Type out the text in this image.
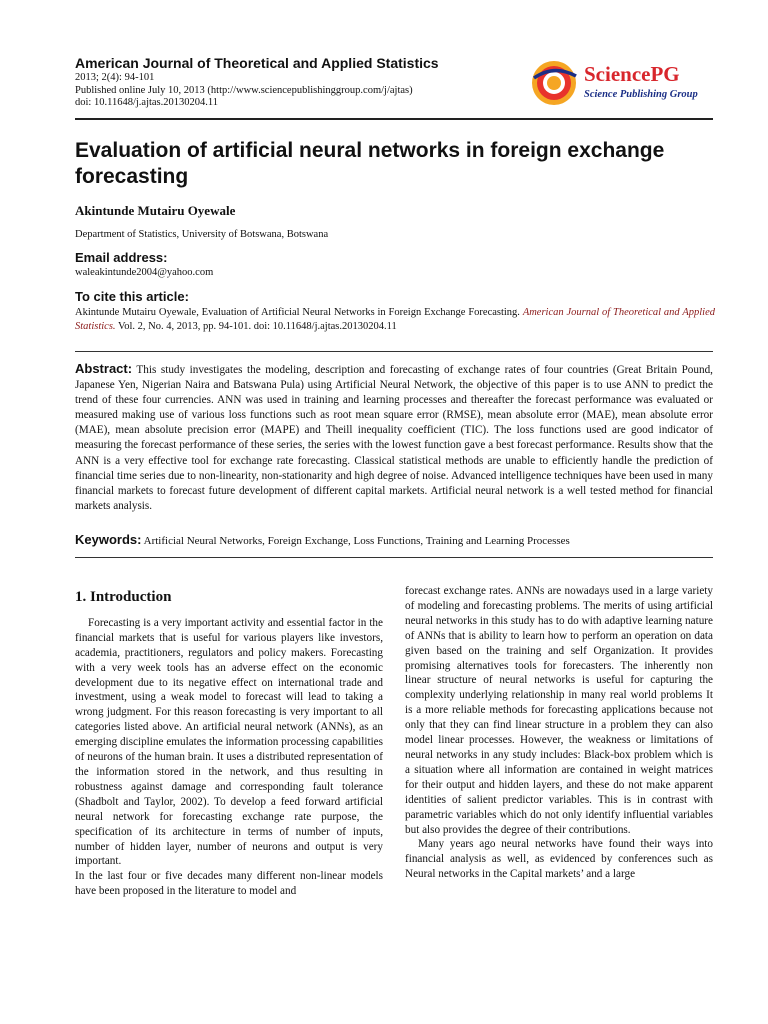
American Journal of Theoretical and Applied Statistics
2013; 2(4): 94-101
Published online July 10, 2013 (http://www.sciencepublishinggroup.com/j/ajtas)
doi: 10.11648/j.ajtas.20130204.11
SciencePG
Science Publishing Group
Evaluation of artificial neural networks in foreign exchange forecasting
Akintunde Mutairu Oyewale
Department of Statistics, University of Botswana, Botswana
Email address:
waleakintunde2004@yahoo.com
To cite this article:
Akintunde Mutairu Oyewale, Evaluation of Artificial Neural Networks in Foreign Exchange Forecasting. American Journal of Theoretical and Applied Statistics. Vol. 2, No. 4, 2013, pp. 94-101. doi: 10.11648/j.ajtas.20130204.11
Abstract: This study investigates the modeling, description and forecasting of exchange rates of four countries (Great Britain Pound, Japanese Yen, Nigerian Naira and Batswana Pula) using Artificial Neural Network, the objective of this paper is to use ANN to predict the trend of these four currencies. ANN was used in training and learning processes and thereafter the forecast performance was evaluated or measured making use of various loss functions such as root mean square error (RMSE), mean absolute error (MAE), mean absolute error (MAE), mean absolute precision error (MAPE) and Theill inequality coefficient (TIC). The loss functions used are good indicator of measuring the forecast performance of these series, the series with the lowest function gave a best forecast performance. Results show that the ANN is a very effective tool for exchange rate forecasting. Classical statistical methods are unable to efficiently handle the prediction of financial time series due to non-linearity, non-stationarity and high degree of noise. Advanced intelligence techniques have been used in many financial markets to forecast future development of different capital markets. Artificial neural network is a well tested method for financial markets analysis.
Keywords: Artificial Neural Networks, Foreign Exchange, Loss Functions, Training and Learning Processes
1. Introduction

Forecasting is a very important activity and essential factor in the financial markets that is useful for various players like investors, academia, practitioners, regulators and policy makers. Forecasting with a very week tools has an adverse effect on the economic development due to its negative effect on international trade and investment, using a weak model to forecast will lead to taking a wrong judgment. For this reason forecasting is very important to all categories listed above. An artificial neural network (ANNs), as an emerging discipline emulates the information processing capabilities of neurons of the human brain. It uses a distributed representation of the information stored in the network, and thus resulting in robustness against damage and corresponding fault tolerance (Shadbolt and Taylor, 2002). To develop a feed forward artificial neural network for forecasting exchange rate purpose, the specification of its architecture in terms of number of inputs, number of hidden layer, number of neurons and output is very important.

In the last four or five decades many different non-linear models have been proposed in the literature to model and

forecast exchange rates. ANNs are nowadays used in a large variety of modeling and forecasting problems. The merits of using artificial neural networks in this study has to do with adaptive learning nature of ANNs that is ability to learn how to perform an operation on data given based on the training and self Organization. It provides promising alternatives tools for forecasters. The inherently non linear structure of neural networks is useful for capturing the complexity underlying relationship in many real world problems It is a more reliable methods for forecasting applications because not only that they can find linear structure in a problem they can also model linear processes. However, the weakness or limitations of neural networks in any study includes: Black-box problem which is a situation where all information are contained in weight matrices for their output and hidden layers, and these do not make apparent identities of salient predictor variables. This is in contrast with parametric variables which do not only identify influential variables but also provides the degree of their contributions.

Many years ago neural networks have found their ways into financial analysis as well, as evidenced by conferences such as Neural networks in the Capital markets’ and a large
